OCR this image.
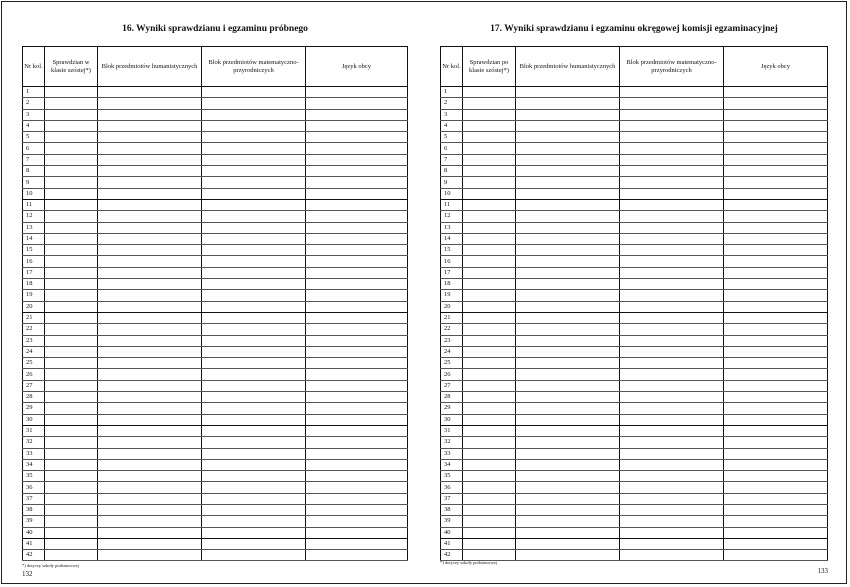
16. Wyniki sprawdzianu i egzaminu próbnego
Nr kol.	Sprawdzian w klasie szóstej*)	Blok przedmiotów humanistycznych	Blok przedmiotów matematyczno-przyrodniczych	Język obcy
1				
2				
3				
4				
5				
6				
7				
8				
9				
10				
11				
12				
13				
14				
15				
16				
17				
18				
19				
20				
21				
22				
23				
24				
25				
26				
27				
28				
29				
30				
31				
32				
33				
34				
35				
36				
37				
38				
39				
40				
41				
42				
*) dotyczy szkoły podstawowej
132
17. Wyniki sprawdzianu i egzaminu okręgowej komisji egzaminacyjnej
Nr kol.	Sprawdzian po klasie szóstej*)	Blok przedmiotów humanistycznych	Blok przedmiotów matematyczno-przyrodniczych	Język obcy
1				
2				
3				
4				
5				
6				
7				
8				
9				
10				
11				
12				
13				
14				
15				
16				
17				
18				
19				
20				
21				
22				
23				
24				
25				
26				
27				
28				
29				
30				
31				
32				
33				
34				
35				
36				
37				
38				
39				
40				
41				
42				
*) dotyczy szkoły podstawowej
133
